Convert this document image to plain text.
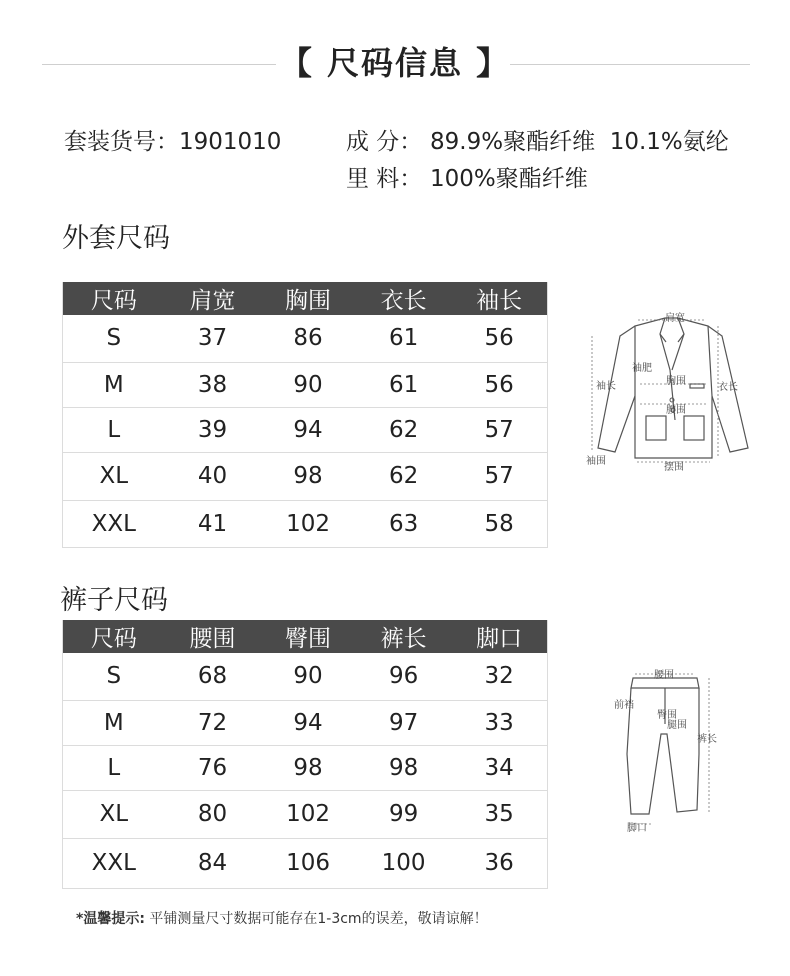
【 尺码信息 】
套装货号：1901010	成 分： 89.9%聚酯纤维  10.1%氨纶
里 料： 100%聚酯纤维
外套尺码
尺码	肩宽	胸围	衣长	袖长
S	37	86	61	56
M	38	90	61	56
L	39	94	62	57
XL	40	98	62	57
XXL	41	102	63	58
肩宽
袖肥
胸围
腰围
袖长	衣长
袖围
摆围
裤子尺码
尺码	腰围	臀围	裤长	脚口
S	68	90	96	32
M	72	94	97	33
L	76	98	98	34
XL	80	102	99	35
XXL	84	106	100	36
腰围
前裆
臀围
腿围
裤长
脚口
*温馨提示: 平铺测量尺寸数据可能存在1-3cm的误差，敬请谅解！
